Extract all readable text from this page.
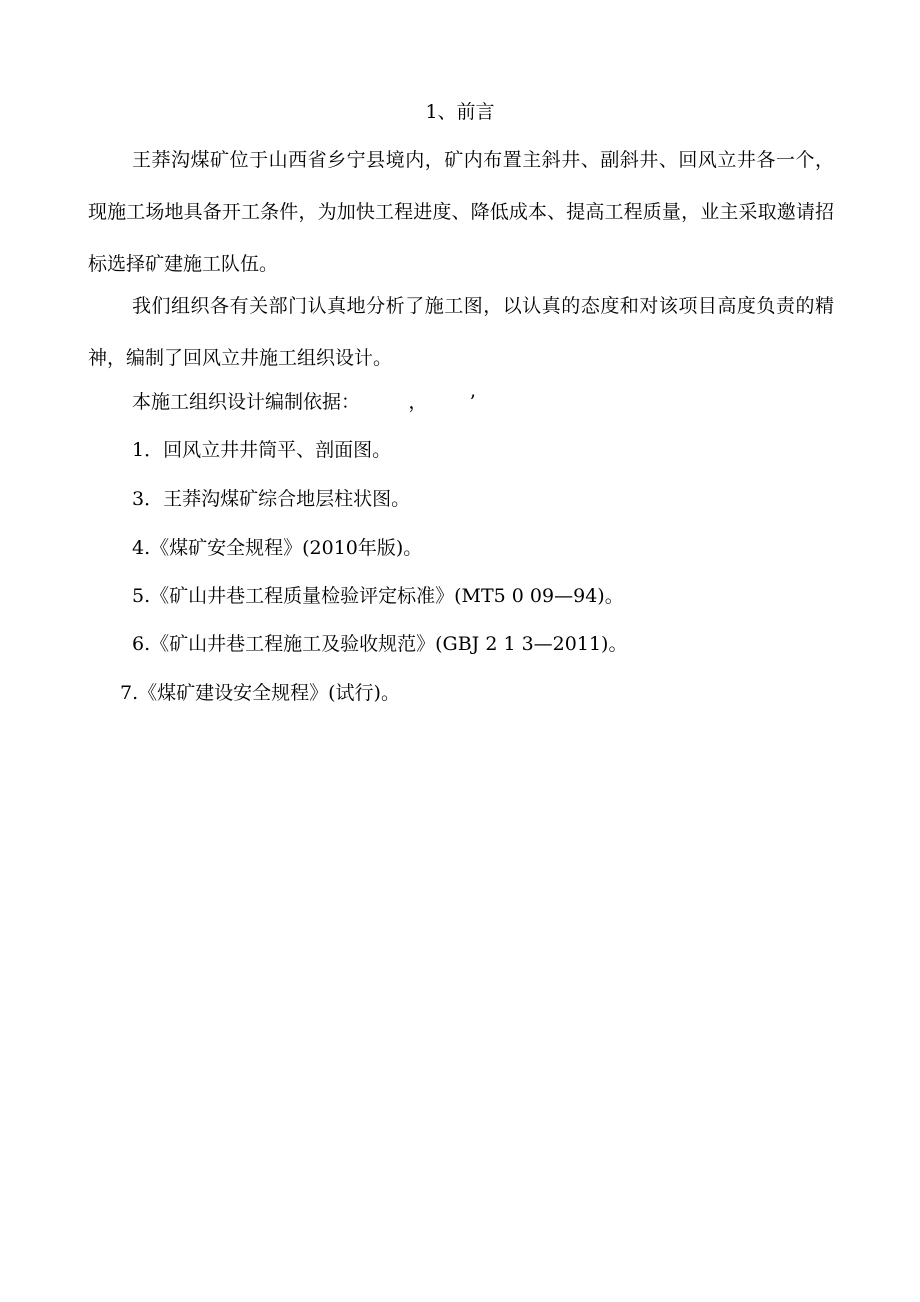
1、前言

王莽沟煤矿位于山西省乡宁县境内，矿内布置主斜井、副斜井、回风立井各一个，现施工场地具备开工条件，为加快工程进度、降低成本、提高工程质量，业主采取邀请招标选择矿建施工队伍。

我们组织各有关部门认真地分析了施工图，以认真的态度和对该项目高度负责的精神，编制了回风立井施工组织设计。

本施工组织设计编制依据：        ，       ’
1．回风立井井筒平、剖面图。
3．王莽沟煤矿综合地层柱状图。
4.《煤矿安全规程》(2010年版)。
5.《矿山井巷工程质量检验评定标准》(MT5 0 09—94)。
6.《矿山井巷工程施工及验收规范》(GBJ 2 1 3—2011)。
7.《煤矿建设安全规程》(试行)。
